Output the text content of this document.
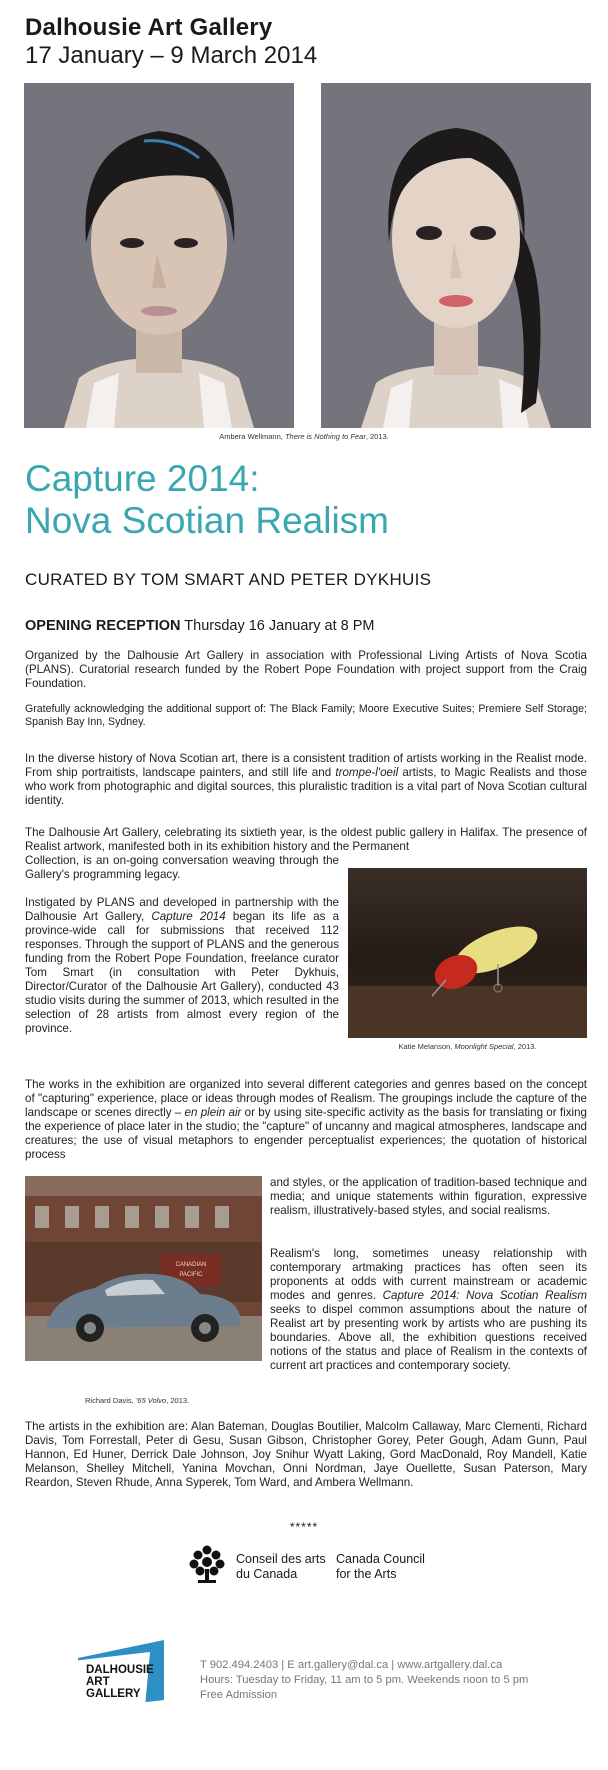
Dalhousie Art Gallery
17 January – 9 March 2014
Ambera Wellmann, There is Nothing to Fear, 2013.
Capture 2014:
Nova Scotian Realism
CURATED BY TOM SMART AND PETER DYKHUIS
OPENING RECEPTION Thursday 16 January at 8 PM

Organized by the Dalhousie Art Gallery in association with Professional Living Artists of Nova Scotia (PLANS). Curatorial research funded by the Robert Pope Foundation with project support from the Craig Foundation.

Gratefully acknowledging the additional support of: The Black Family; Moore Executive Suites; Premiere Self Storage; Spanish Bay Inn, Sydney.

In the diverse history of Nova Scotian art, there is a consistent tradition of artists working in the Realist mode. From ship portraitists, landscape painters, and still life and trompe-l'oeil artists, to Magic Realists and those who work from photographic and digital sources, this pluralistic tradition is a vital part of Nova Scotian cultural identity.

The Dalhousie Art Gallery, celebrating its sixtieth year, is the oldest public gallery in Halifax. The presence of Realist artwork, manifested both in its exhibition history and the Permanent

Collection, is an on-going conversation weaving through the Gallery's programming legacy.
Katie Melanson, Moonlight Special, 2013.
Instigated by PLANS and developed in partnership with the Dalhousie Art Gallery, Capture 2014 began its life as a province-wide call for submissions that received 112 responses. Through the support of PLANS and the generous funding from the Robert Pope Foundation, freelance curator Tom Smart (in consultation with Peter Dykhuis, Director/Curator of the Dalhousie Art Gallery), conducted 43 studio visits during the summer of 2013, which resulted in the selection of 28 artists from almost every region of the province.

The works in the exhibition are organized into several different categories and genres based on the concept of "capturing" experience, place or ideas through modes of Realism. The groupings include the capture of the landscape or scenes directly – en plein air or by using site-specific activity as the basis for translating or fixing the experience of place later in the studio; the "capture" of uncanny and magical atmospheres, landscape and creatures; the use of visual metaphors to engender perceptualist experiences; the quotation of historical process

CANADIAN
PACIFIC
Richard Davis, '65 Volvo, 2013.
and styles, or the application of tradition-based technique and media; and unique statements within figuration, expressive realism, illustratively-based styles, and social realisms.
Realism's long, sometimes uneasy relationship with contemporary artmaking practices has often seen its proponents at odds with current mainstream or academic modes and genres. Capture 2014: Nova Scotian Realism seeks to dispel common assumptions about the nature of Realist art by presenting work by artists who are pushing its boundaries. Above all, the exhibition questions received notions of the status and place of Realism in the contexts of current art practices and contemporary society.

The artists in the exhibition are: Alan Bateman, Douglas Boutilier, Malcolm Callaway, Marc Clementi, Richard Davis, Tom Forrestall, Peter di Gesu, Susan Gibson, Christopher Gorey, Peter Gough, Adam Gunn, Paul Hannon, Ed Huner, Derrick Dale Johnson, Joy Snihur Wyatt Laking, Gord MacDonald, Roy Mandell, Katie Melanson, Shelley Mitchell, Yanina Movchan, Onni Nordman, Jaye Ouellette, Susan Paterson, Mary Reardon, Steven Rhude, Anna Syperek, Tom Ward, and Ambera Wellmann.

*****
Conseil des arts
du Canada
Canada Council
for the Arts
DALHOUSIE
ART
GALLERY
T 902.494.2403 | E art.gallery@dal.ca | www.artgallery.dal.ca
Hours: Tuesday to Friday, 11 am to 5 pm. Weekends noon to 5 pm
Free Admission
